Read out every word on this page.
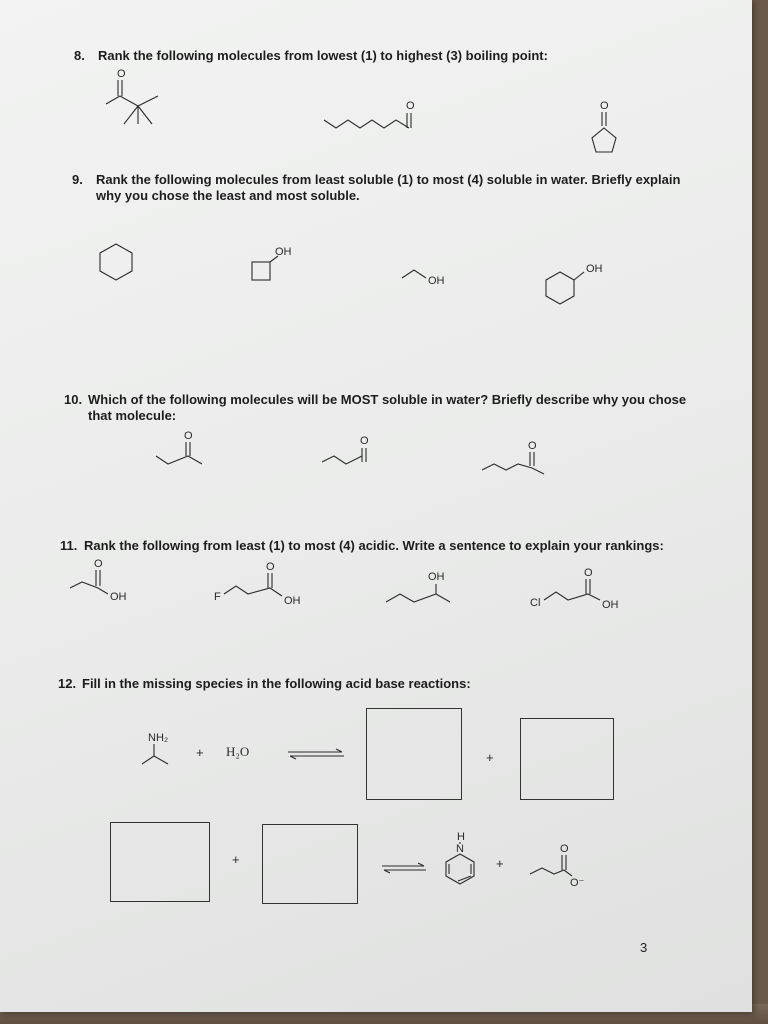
8. Rank the following molecules from lowest (1) to highest (3) boiling point:
O
O	O
9. Rank the following molecules from least soluble (1) to most (4) soluble in water. Briefly explain
why you chose the least and most soluble.
OH
OH
OH
10. Which of the following molecules will be MOST soluble in water? Briefly describe why you chose
that molecule:
O	O	O
11. Rank the following from least (1) to most (4) acidic. Write a sentence to explain your rankings:
O
OH	F
O
OH
OH
Cl
O
OH
12. Fill in the missing species in the following acid base reactions:
NH₂
+ H₂O	+
+
H
N
+
O
O⁻
3
